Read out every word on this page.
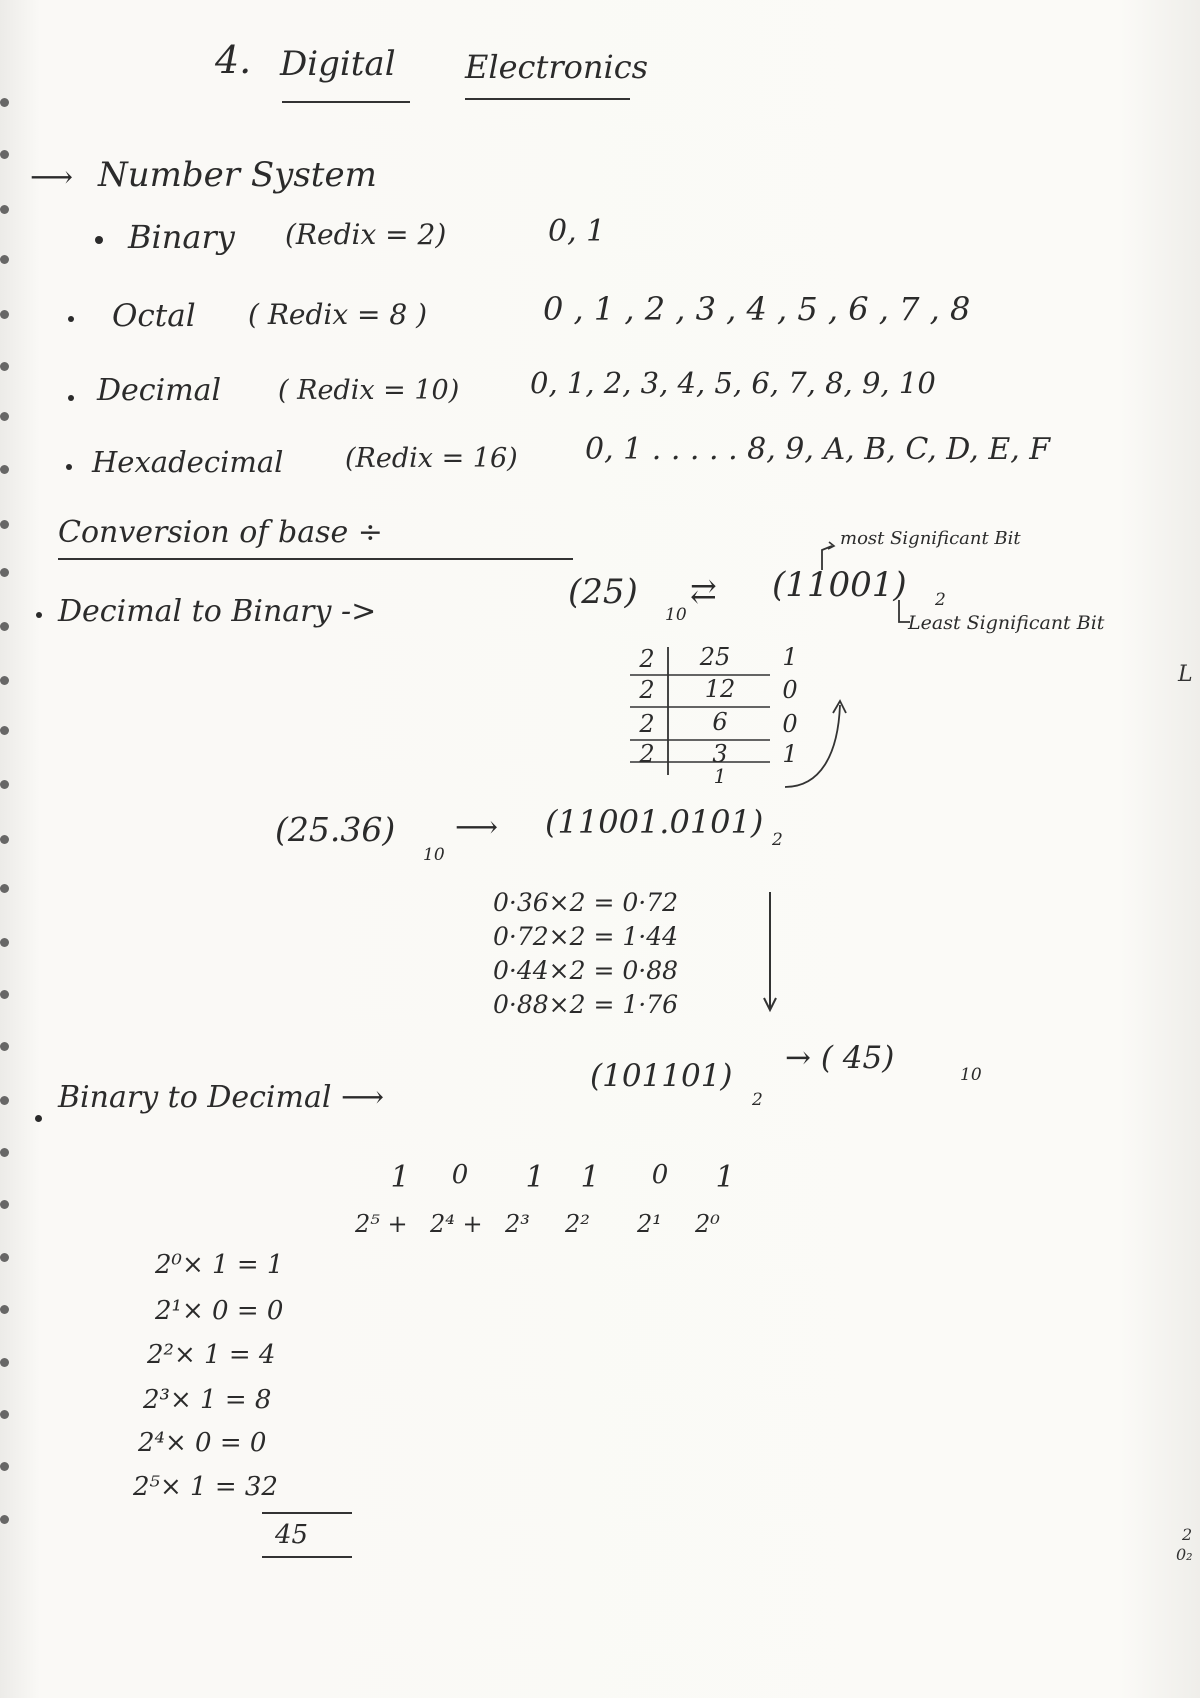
4. Digital Electronics
⟶ Number System
Binary (Redix = 2)	0, 1
Octal ( Redix = 8 )	0 , 1 , 2 , 3 , 4 , 5 , 6 , 7 , 8
Decimal ( Redix = 10) 0, 1, 2, 3, 4, 5, 6, 7, 8, 9, 10
Hexadecimal (Redix = 16) 0, 1 . . . . . 8, 9, A, B, C, D, E, F
Conversion of base ÷
Decimal to Binary ->	(25)
10
⇄ (11001) 2
most Significant Bit
Least Significant Bit
2	25	1
2	12	0
2	6	0
2	3	1
1
(25.36)
10
⟶ (11001.0101) 2
0·36×2 = 0·72
0·72×2 = 1·44
0·44×2 = 0·88
0·88×2 = 1·76
Binary to Decimal ⟶
(101101)
2
→ ( 45)	10
1 0 1 1 0 1
2⁵ + 2⁴ + 2³ 2² 2¹ 2⁰
2⁰× 1 = 1
2¹× 0 = 0
2²× 1 = 4
2³× 1 = 8
2⁴× 0 = 0
2⁵× 1 = 32
45
L
2
0₂
